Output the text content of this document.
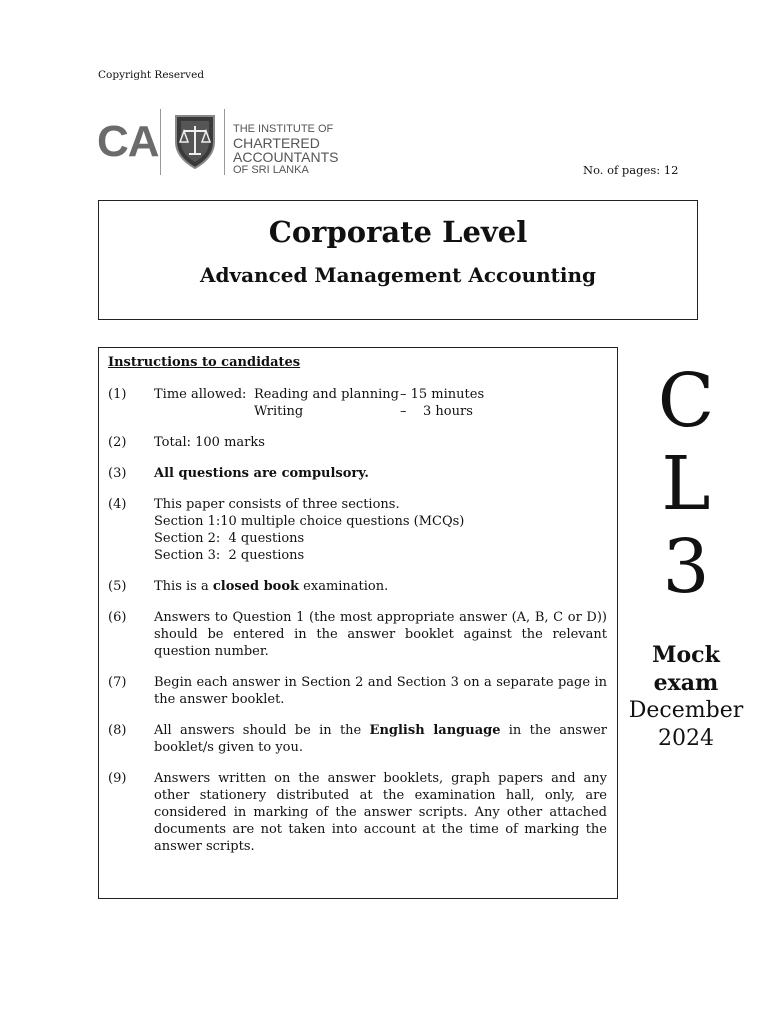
Copyright Reserved
CA	THE INSTITUTE OF
CHARTERED ACCOUNTANTS
OF SRI LANKA	No. of pages: 12
Corporate Level
Advanced Management Accounting
Instructions to candidates
(1)	Time allowed: Reading and planning – 15 minutes
Writing	–    3 hours
(2)	Total: 100 marks
(3)	All questions are compulsory.
(4)	This paper consists of three sections.
Section 1:10 multiple choice questions (MCQs)
Section 2:  4 questions
Section 3:  2 questions
(5)	This is a closed book examination.
(6)	Answers to Question 1 (the most appropriate answer (A, B, C or D)) should be entered in the answer booklet against the relevant question number.
(7)	Begin each answer in Section 2 and Section 3 on a separate page in the answer booklet.
(8)	All answers should be in the English language in the answer booklet/s given to you.
(9)	Answers written on the answer booklets, graph papers and any other stationery distributed at the examination hall, only, are considered in marking of the answer scripts. Any other attached documents are not taken into account at the time of marking the answer scripts.
C
L
3
Mock
exam
December
2024
